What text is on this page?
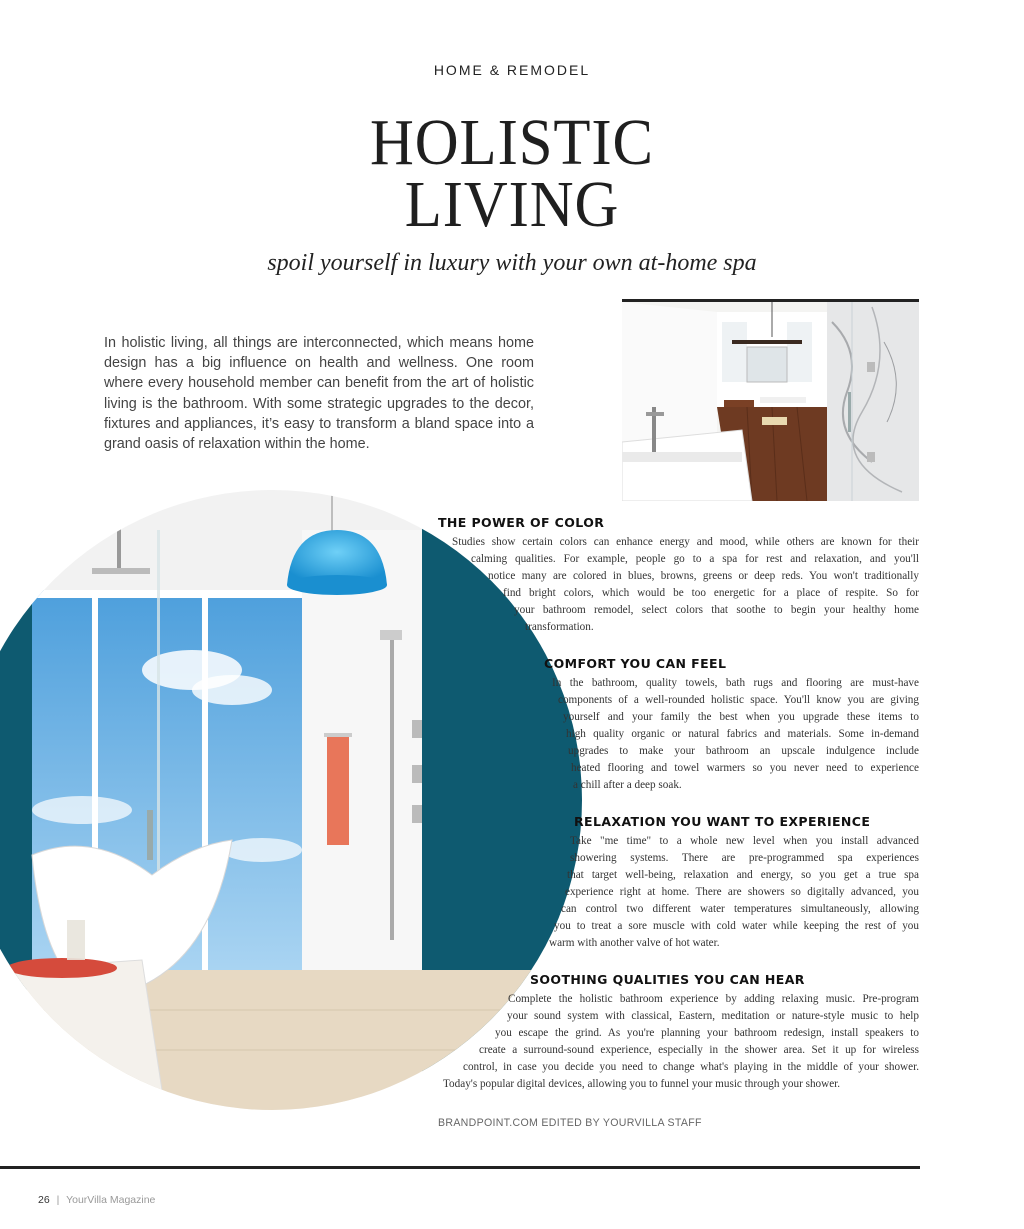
HOME & REMODEL
HOLISTIC
LIVING
spoil yourself in luxury with your own at-home spa
In holistic living, all things are interconnected, which means home design has a big influence on health and wellness. One room where every household member can benefit from the art of holistic living is the bathroom. With some strategic upgrades to the decor, fixtures and appliances, it’s easy to transform a bland space into a grand oasis of relaxation within the home.
THE POWER OF COLOR
Studies show certain colors can enhance energy and mood, while others are known for their
calming qualities. For example, people go to a spa for rest and relaxation, and you'll
notice many are colored in blues, browns, greens or deep reds. You won't traditionally
find bright colors, which would be too energetic for a place of respite. So for
your bathroom remodel, select colors that soothe to begin your healthy home
transformation.
COMFORT YOU CAN FEEL
In the bathroom, quality towels, bath rugs and flooring are must-have
components of a well-rounded holistic space. You'll know you are giving
yourself and your family the best when you upgrade these items to
high quality organic or natural fabrics and materials. Some in-demand
upgrades to make your bathroom an upscale indulgence include
heated flooring and towel warmers so you never need to experience
a chill after a deep soak.
RELAXATION YOU WANT TO EXPERIENCE
Take "me time" to a whole new level when you install advanced
showering systems. There are pre-programmed spa experiences
that target well-being, relaxation and energy, so you get a true spa
experience right at home. There are showers so digitally advanced, you
can control two different water temperatures simultaneously, allowing
you to treat a sore muscle with cold water while keeping the rest of you
warm with another valve of hot water.
SOOTHING QUALITIES YOU CAN HEAR
Complete the holistic bathroom experience by adding relaxing music. Pre-program
your sound system with classical, Eastern, meditation or nature-style music to help
you escape the grind. As you're planning your bathroom redesign, install speakers to
create a surround-sound experience, especially in the shower area. Set it up for wireless
control, in case you decide you need to change what's playing in the middle of your shower.
Today's popular digital devices, allowing you to funnel your music through your shower.
BRANDPOINT.COM EDITED BY YOURVILLA STAFF
26 | YourVilla Magazine
